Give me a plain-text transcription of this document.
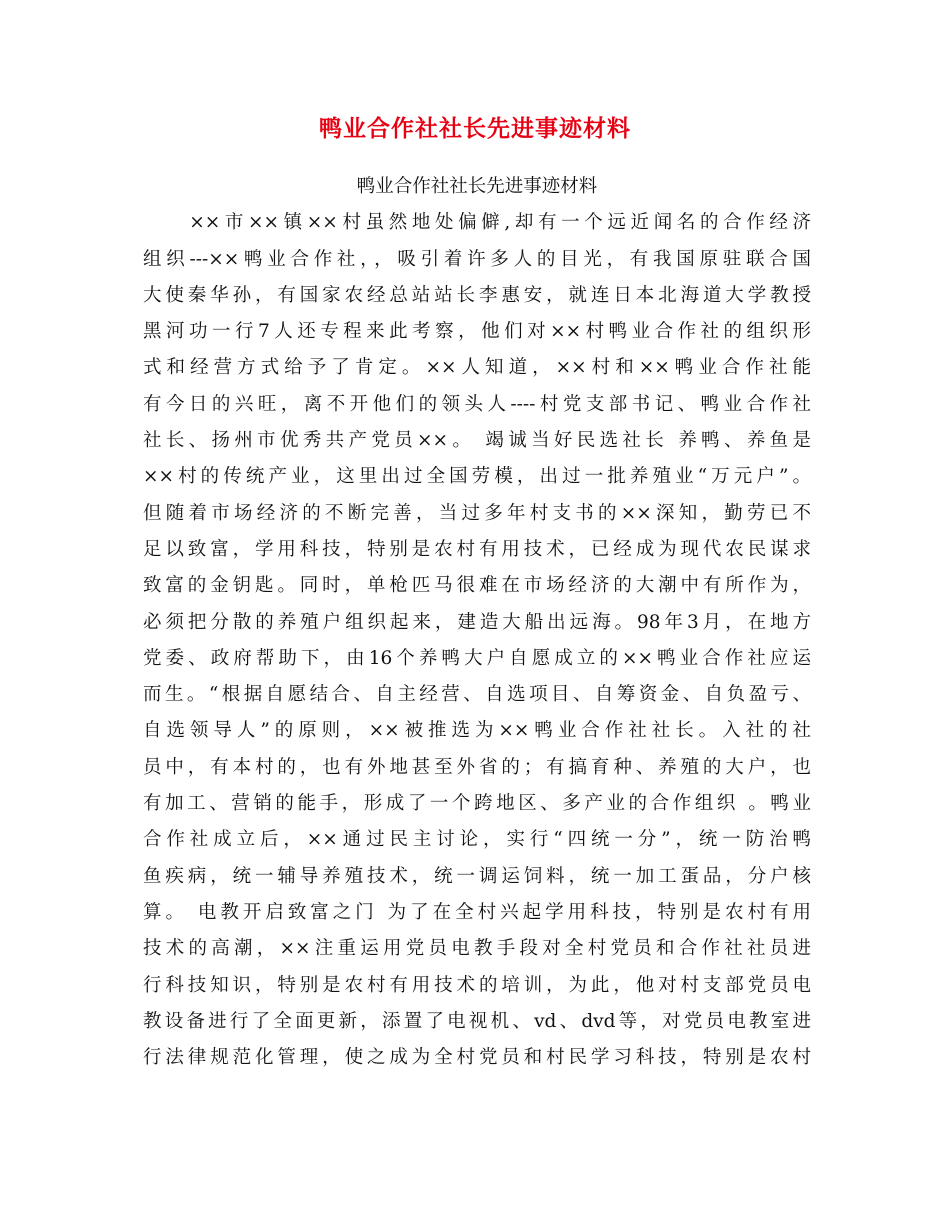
鸭业合作社社长先进事迹材料
鸭业合作社社长先进事迹材料
　　××市××镇××村虽然地处偏僻,却有一个远近闻名的合作经济
组织---××鸭业合作社，，吸引着许多人的目光，有我国原驻联合国
大使秦华孙，有国家农经总站站长李惠安，就连日本北海道大学教授
黑河功一行7人还专程来此考察，他们对××村鸭业合作社的组织形
式和经营方式给予了肯定。××人知道，××村和××鸭业合作社能
有今日的兴旺，离不开他们的领头人----村党支部书记、鸭业合作社
社长、扬州市优秀共产党员××。 竭诚当好民选社长 养鸭、养鱼是
××村的传统产业，这里出过全国劳模，出过一批养殖业“万元户”。
但随着市场经济的不断完善，当过多年村支书的××深知，勤劳已不
足以致富，学用科技，特别是农村有用技术，已经成为现代农民谋求
致富的金钥匙。同时，单枪匹马很难在市场经济的大潮中有所作为，
必须把分散的养殖户组织起来，建造大船出远海。98年3月，在地方
党委、政府帮助下，由16个养鸭大户自愿成立的××鸭业合作社应运
而生。“根据自愿结合、自主经营、自选项目、自筹资金、自负盈亏、
自选领导人”的原则，××被推选为××鸭业合作社社长。入社的社
员中，有本村的，也有外地甚至外省的；有搞育种、养殖的大户，也
有加工、营销的能手，形成了一个跨地区、多产业的合作组织 。鸭业
合作社成立后，××通过民主讨论，实行“四统一分”，统一防治鸭
鱼疾病，统一辅导养殖技术，统一调运饲料，统一加工蛋品，分户核
算。 电教开启致富之门 为了在全村兴起学用科技，特别是农村有用
技术的高潮，××注重运用党员电教手段对全村党员和合作社社员进
行科技知识，特别是农村有用技术的培训，为此，他对村支部党员电
教设备进行了全面更新，添置了电视机、vd、dvd等，对党员电教室进
行法律规范化管理，使之成为全村党员和村民学习科技，特别是农村
